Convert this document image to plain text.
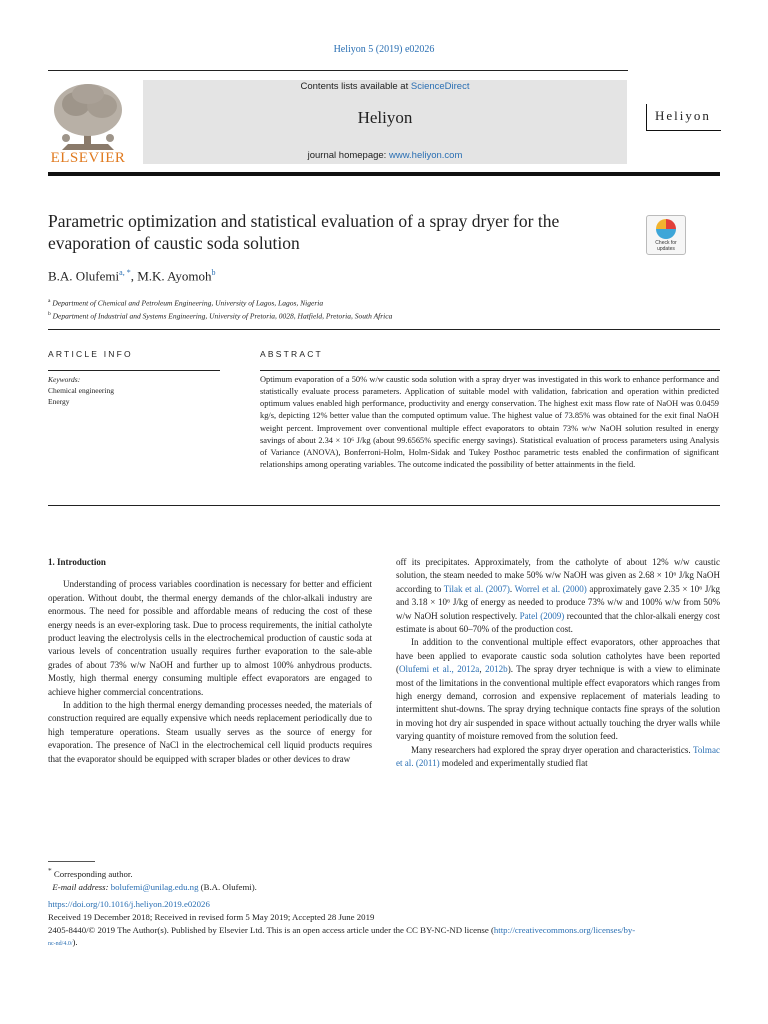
Heliyon 5 (2019) e02026
ELSEVIER
Contents lists available at ScienceDirect
Heliyon
journal homepage: www.heliyon.com
Heliyon
Parametric optimization and statistical evaluation of a spray dryer for the evaporation of caustic soda solution	Check for updates
B.A. Olufemi$^{a, *}$, M.K. Ayomoh$^b$
$^a$ Department of Chemical and Petroleum Engineering, University of Lagos, Lagos, Nigeria
$^b$ Department of Industrial and Systems Engineering, University of Pretoria, 0028, Hatfield, Pretoria, South Africa
ARTICLE INFO	ABSTRACT
Keywords:
Chemical engineering
Energy
Optimum evaporation of a 50% w/w caustic soda solution with a spray dryer was investigated in this work to enhance performance and statistically evaluate process parameters. Application of suitable model with validation, fabrication and operation within predicted optimum values enabled high performance, productivity and energy conservation. The highest exit mass flow rate of NaOH was 0.0459 kg/s, depicting 12% better value than the computed optimum value. The highest value of 73.85% was obtained for the exit final NaOH weight percent. Improvement over conventional multiple effect evaporators to obtain 73% w/w NaOH solution resulted in energy savings of about 2.34 × 10⁶ J/kg (about 99.6565% specific energy savings). Statistical evaluation of process parameters using Analysis of Variance (ANOVA), Bonferroni-Holm, Holm-Sidak and Tukey Posthoc parametric tests enabled the confirmation of significant relationships among operating variables. The outcome indicated the possibility of better attainments in the field.

1. Introduction

Understanding of process variables coordination is necessary for better and efficient operation. Without doubt, the thermal energy demands of the chlor-alkali industry are enormous. The need for possible and affordable means of reducing the cost of these energy needs is an ever-exploring task. Due to process requirements, the initial catholyte product leaving the electrolysis cells in the electrochemical production of caustic soda at various levels of concentration usually requires further evaporation to the sale-able grades of about 73% w/w NaOH and further up to almost 100% anhydrous products. Mostly, high thermal energy consuming multiple effect evaporators are engaged to achieve higher commercial concentrations.

In addition to the high thermal energy demanding processes needed, the materials of construction required are equally expensive which needs replacement periodically due to high temperature operations. Steam usually serves as the source of energy for evaporation. The presence of NaCl in the electrochemical cell liquid products requires that the evaporator should be equipped with scraper blades or other devices to draw

off its precipitates. Approximately, from the catholyte of about 12% w/w caustic solution, the steam needed to make 50% w/w NaOH was given as 2.68 × 10⁶ J/kg NaOH according to Tilak et al. (2007). Worrel et al. (2000) approximately gave 2.35 × 10⁶ J/kg and 3.18 × 10⁶ J/kg of energy as needed to produce 73% w/w and 100% w/w from 50% w/w NaOH solution respectively. Patel (2009) recounted that the chlor-alkali energy cost estimate is about 60–70% of the production cost.

In addition to the conventional multiple effect evaporators, other approaches that have been applied to evaporate caustic soda solution catholytes have been reported (Olufemi et al., 2012a, 2012b). The spray dryer technique is with a view to eliminate most of the limitations in the conventional multiple effect evaporators which ranges from high energy demand, corrosion and expensive replacement of materials leading to intermittent shut-downs. The spray drying technique contacts fine sprays of the solution in moving hot dry air suspended in space without actually touching the dryer walls while varying quantity of moisture removed from the solution feed.

Many researchers had explored the spray dryer operation and characteristics. Tolmac et al. (2011) modeled and experimentally studied flat

* Corresponding author.
E-mail address: bolufemi@unilag.edu.ng (B.A. Olufemi).
https://doi.org/10.1016/j.heliyon.2019.e02026
Received 19 December 2018; Received in revised form 5 May 2019; Accepted 28 June 2019
2405-8440/© 2019 The Author(s). Published by Elsevier Ltd. This is an open access article under the CC BY-NC-ND license (http://creativecommons.org/licenses/by-
nc-nd/4.0/).
